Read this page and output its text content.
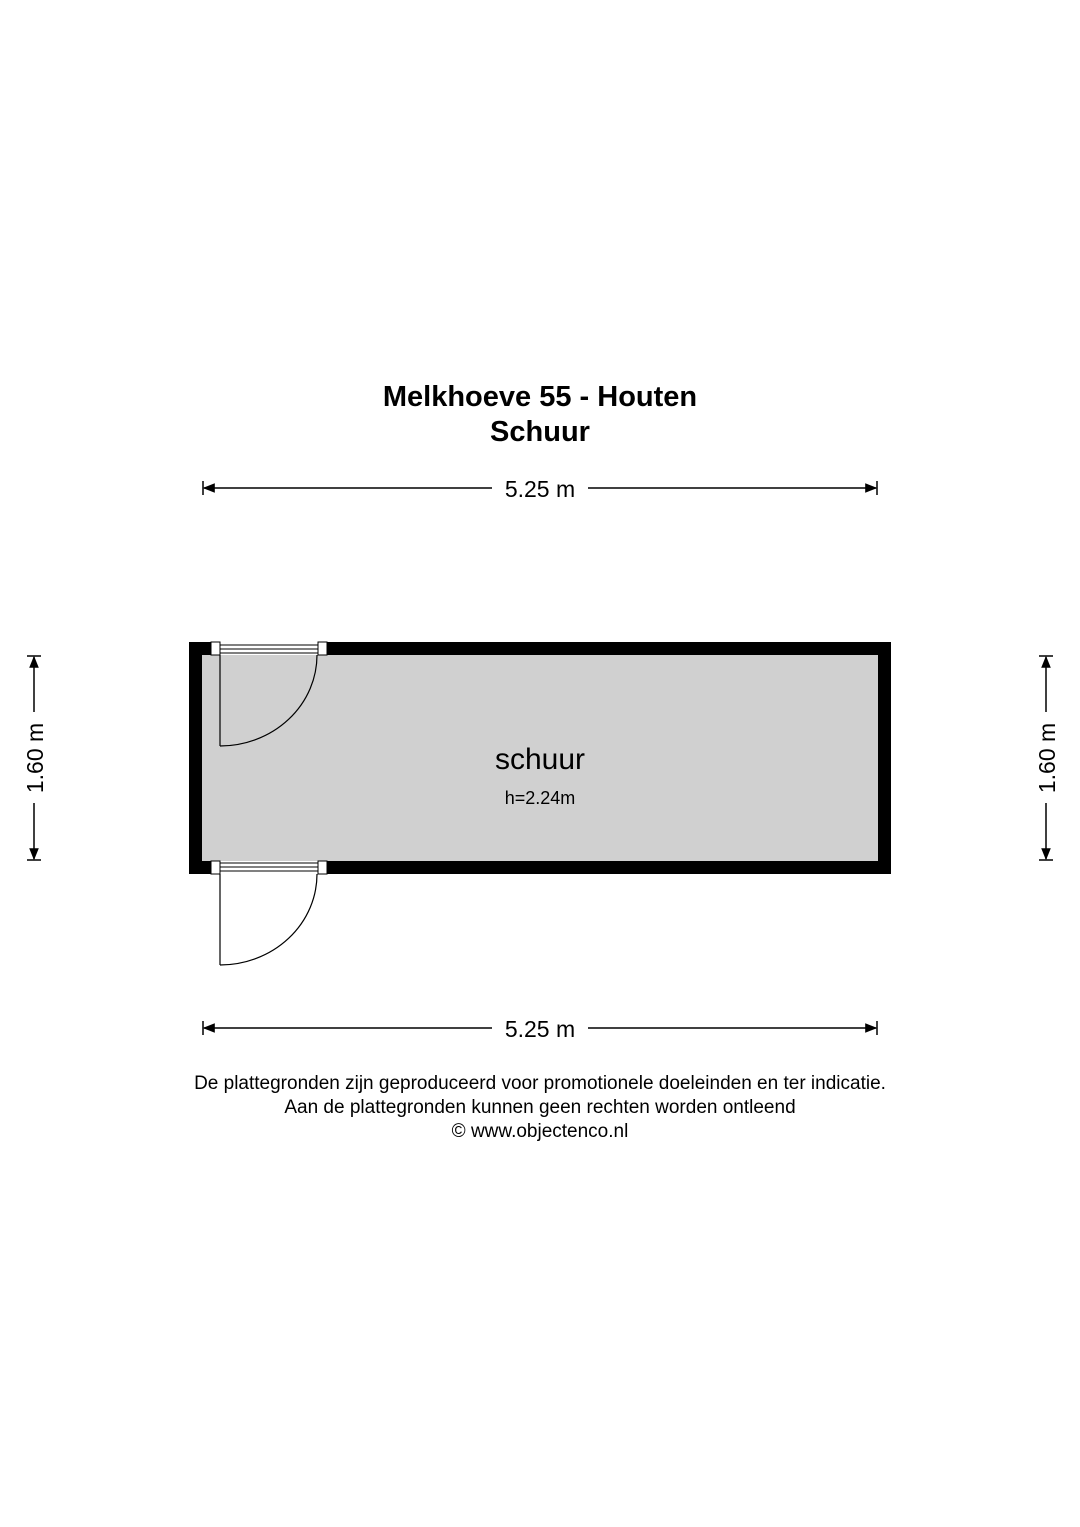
Melkhoeve 55 - Houten
Schuur
5.25 m
5.25 m
1.60 m	1.60 m
schuur
h=2.24m
De plattegronden zijn geproduceerd voor promotionele doeleinden en ter indicatie.
Aan de plattegronden kunnen geen rechten worden ontleend
© www.objectenco.nl
